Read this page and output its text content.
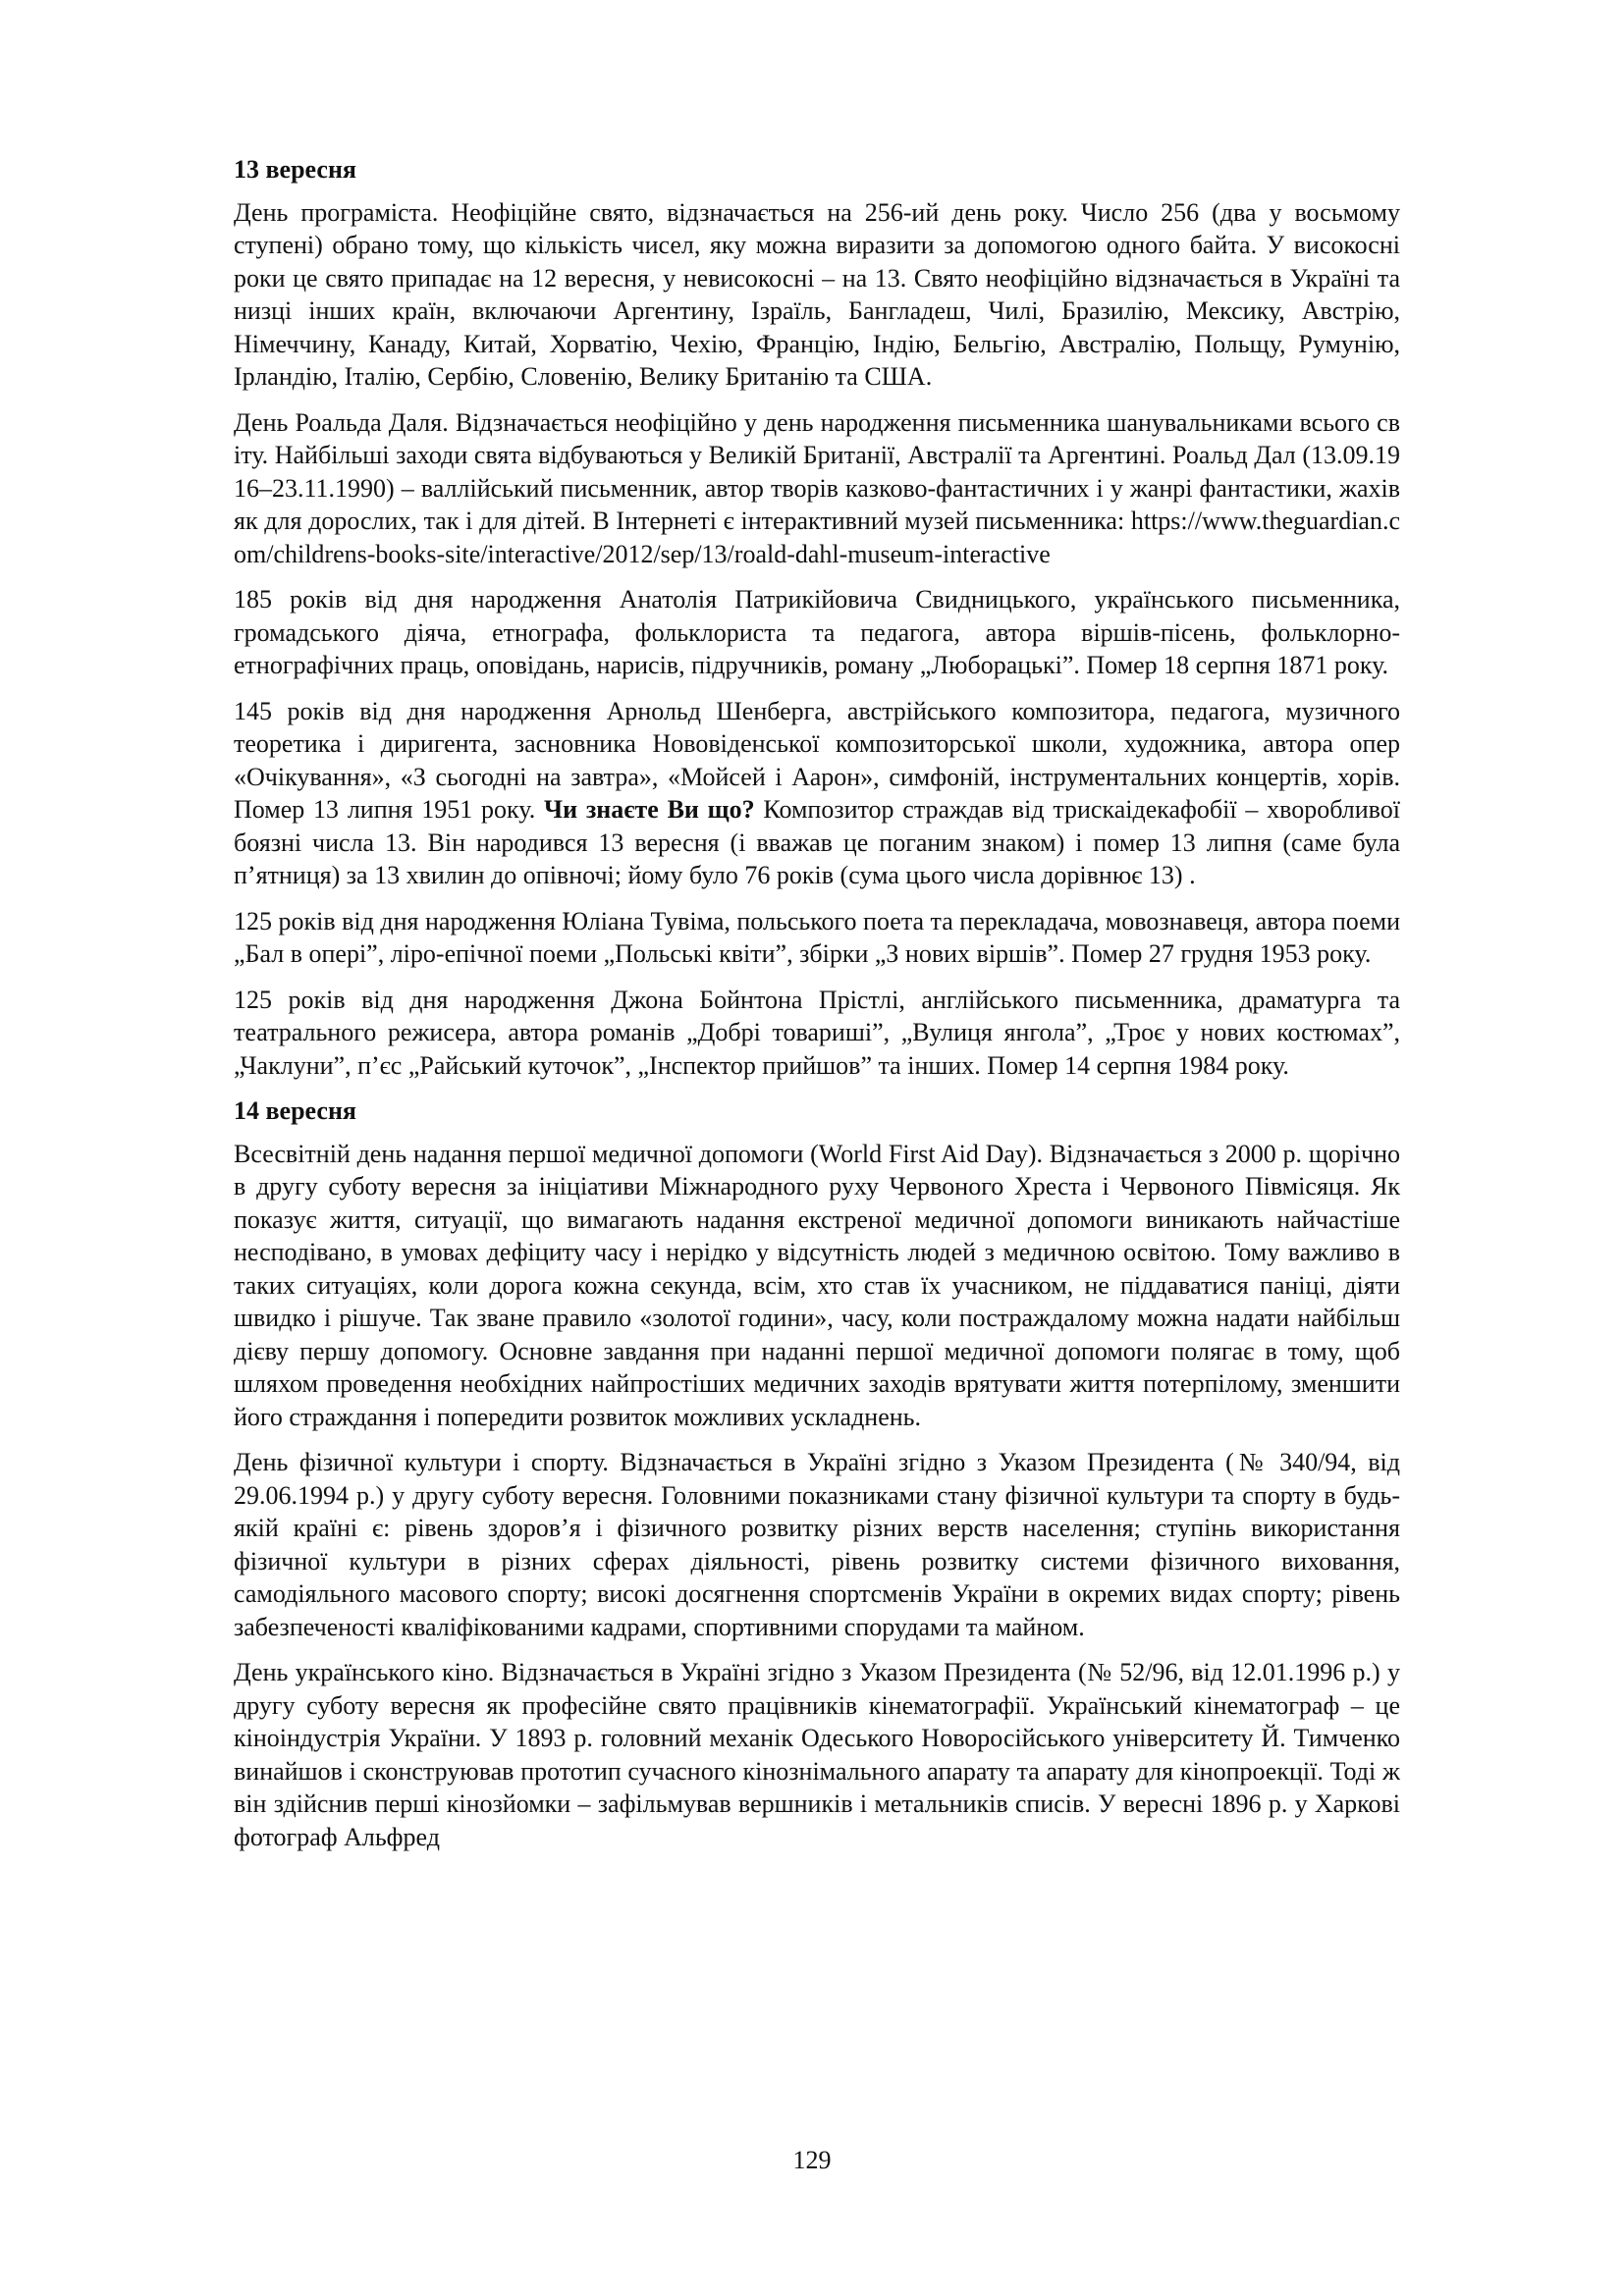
13 вересня

День програміста. Неофіційне свято, відзначається на 256-ий день року. Число 256 (два у восьмому ступені) обрано тому, що кількість чисел, яку можна виразити за допомогою одного байта. У високосні роки це свято припадає на 12 вересня, у невисокосні – на 13. Свято неофіційно відзначається в Україні та низці інших країн, включаючи Аргентину, Ізраїль, Бангладеш, Чилі, Бразилію, Мексику, Австрію, Німеччину, Канаду, Китай, Хорватію, Чехію, Францію, Індію, Бельгію, Австралію, Польщу, Румунію, Ірландію, Італію, Сербію, Словенію, Велику Британію та США.

День Роальда Даля. Відзначається неофіційно у день народження письменника шанувальниками всього світу. Найбільші заходи свята відбуваються у Великій Британії, Австралії та Аргентині. Роальд Дал (13.09.1916–23.11.1990) – валлійський письменник, автор творів казково-фантастичних і у жанрі фантастики, жахів як для дорослих, так і для дітей. В Інтернеті є інтерактивний музей письменника: https://www.theguardian.com/childrens-books-site/interactive/2012/sep/13/roald-dahl-museum-interactive

185 років від дня народження Анатолія Патрикійовича Свидницького, українського письменника, громадського діяча, етнографа, фольклориста та педагога, автора віршів-пісень, фольклорно-етнографічних праць, оповідань, нарисів, підручників, роману „Люборацькі”. Помер 18 серпня 1871 року.

145 років від дня народження Арнольд Шенберга, австрійського композитора, педагога, музичного теоретика і диригента, засновника Нововіденської композиторської школи, художника, автора опер «Очікування», «З сьогодні на завтра», «Мойсей і Аарон», симфоній, інструментальних концертів, хорів. Помер 13 липня 1951 року. Чи знаєте Ви що? Композитор страждав від трискаідекафобії – хворобливої боязні числа 13. Він народився 13 вересня (і вважав це поганим знаком) і помер 13 липня (саме була п’ятниця) за 13 хвилин до опівночі; йому було 76 років (сума цього числа дорівнює 13) .

125 років від дня народження Юліана Тувіма, польського поета та перекладача, мовознавеця, автора поеми „Бал в опері”, ліро-епічної поеми „Польські квіти”, збірки „З нових віршів”. Помер 27 грудня 1953 року.

125 років від дня народження Джона Бойнтона Прістлі, англійського письменника, драматурга та театрального режисера, автора романів „Добрі товариші”, „Вулиця янгола”, „Троє у нових костюмах”, „Чаклуни”, п’єс „Райський куточок”, „Інспектор прийшов” та інших. Помер 14 серпня 1984 року.

14 вересня

Всесвітній день надання першої медичної допомоги (World First Aid Day). Відзначається з 2000 р. щорічно в другу суботу вересня за ініціативи Міжнародного руху Червоного Хреста і Червоного Півмісяця. Як показує життя, ситуації, що вимагають надання екстреної медичної допомоги виникають найчастіше несподівано, в умовах дефіциту часу і нерідко у відсутність людей з медичною освітою. Тому важливо в таких ситуаціях, коли дорога кожна секунда, всім, хто став їх учасником, не піддаватися паніці, діяти швидко і рішуче. Так зване правило «золотої години», часу, коли постраждалому можна надати найбільш дієву першу допомогу. Основне завдання при наданні першої медичної допомоги полягає в тому, щоб шляхом проведення необхідних найпростіших медичних заходів врятувати життя потерпілому, зменшити його страждання і попередити розвиток можливих ускладнень.

День фізичної культури і спорту. Відзначається в Україні згідно з Указом Президента (№ 340/94, від 29.06.1994 р.) у другу суботу вересня. Головними показниками стану фізичної культури та спорту в будь-якій країні є: рівень здоров’я і фізичного розвитку різних верств населення; ступінь використання фізичної культури в різних сферах діяльності, рівень розвитку системи фізичного виховання, самодіяльного масового спорту; високі досягнення спортсменів України в окремих видах спорту; рівень забезпеченості кваліфікованими кадрами, спортивними спорудами та майном.

День українського кіно. Відзначається в Україні згідно з Указом Президента (№ 52/96, від 12.01.1996 р.) у другу суботу вересня як професійне свято працівників кінематографії. Український кінематограф – це кіноіндустрія України. У 1893 р. головний механік Одеського Новоросійського університету Й. Тимченко винайшов і сконструював прототип сучасного кінознімального апарату та апарату для кінопроекції. Тоді ж він здійснив перші кінозйомки – зафільмував вершників і метальників списів. У вересні 1896 р. у Харкові фотограф Альфред

129
